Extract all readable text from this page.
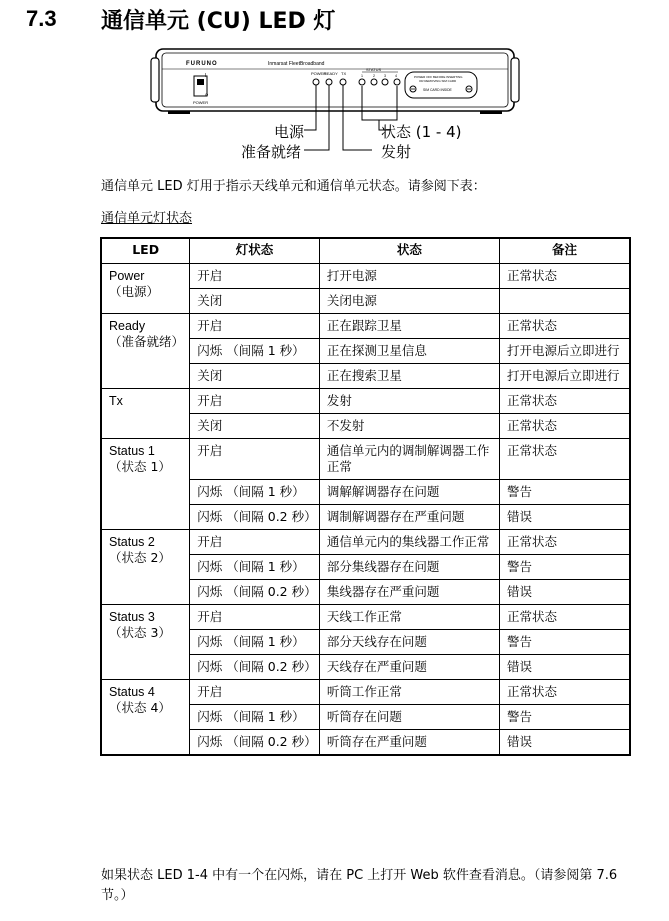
7.3 通信单元 (CU) LED 灯
FURUNO	Inmarsat FleetBroadband
I
O
POWER
POWER
READY TX
STATUS
1	2	3	4	POWER OFF BEFORE INSERTING
OR REMOVING SIM CARD
SIM CARD INSIDE
电源
准备就绪
状态 (1 - 4)
发射
通信单元 LED 灯用于指示天线单元和通信单元状态。请参阅下表：
通信单元灯状态
LED	灯状态	状态	备注

Power
（电源）	开启	打开电源	正常状态
	关闭	关闭电源	

Ready
（准备就绪）	开启	正在跟踪卫星	正常状态
	闪烁 （间隔 1 秒）	正在探测卫星信息	打开电源后立即进行
	关闭	正在搜索卫星	打开电源后立即进行

Tx	开启	发射	正常状态
	关闭	不发射	正常状态

Status 1
（状态 1）	开启	通信单元内的调制解调器工作正常	正常状态
	闪烁 （间隔 1 秒）	调解解调器存在问题	警告
	闪烁 （间隔 0.2 秒）	调制解调器存在严重问题	错误

Status 2
（状态 2）	开启	通信单元内的集线器工作正常	正常状态
	闪烁 （间隔 1 秒）	部分集线器存在问题	警告
	闪烁 （间隔 0.2 秒）	集线器存在严重问题	错误

Status 3
（状态 3）	开启	天线工作正常	正常状态
	闪烁 （间隔 1 秒）	部分天线存在问题	警告
	闪烁 （间隔 0.2 秒）	天线存在严重问题	错误

Status 4
（状态 4）	开启	听筒工作正常	正常状态
	闪烁 （间隔 1 秒）	听筒存在问题	警告
	闪烁 （间隔 0.2 秒）	听筒存在严重问题	错误
如果状态 LED 1-4 中有一个在闪烁，请在 PC 上打开 Web 软件查看消息。（请参阅第 7.6 节。）
